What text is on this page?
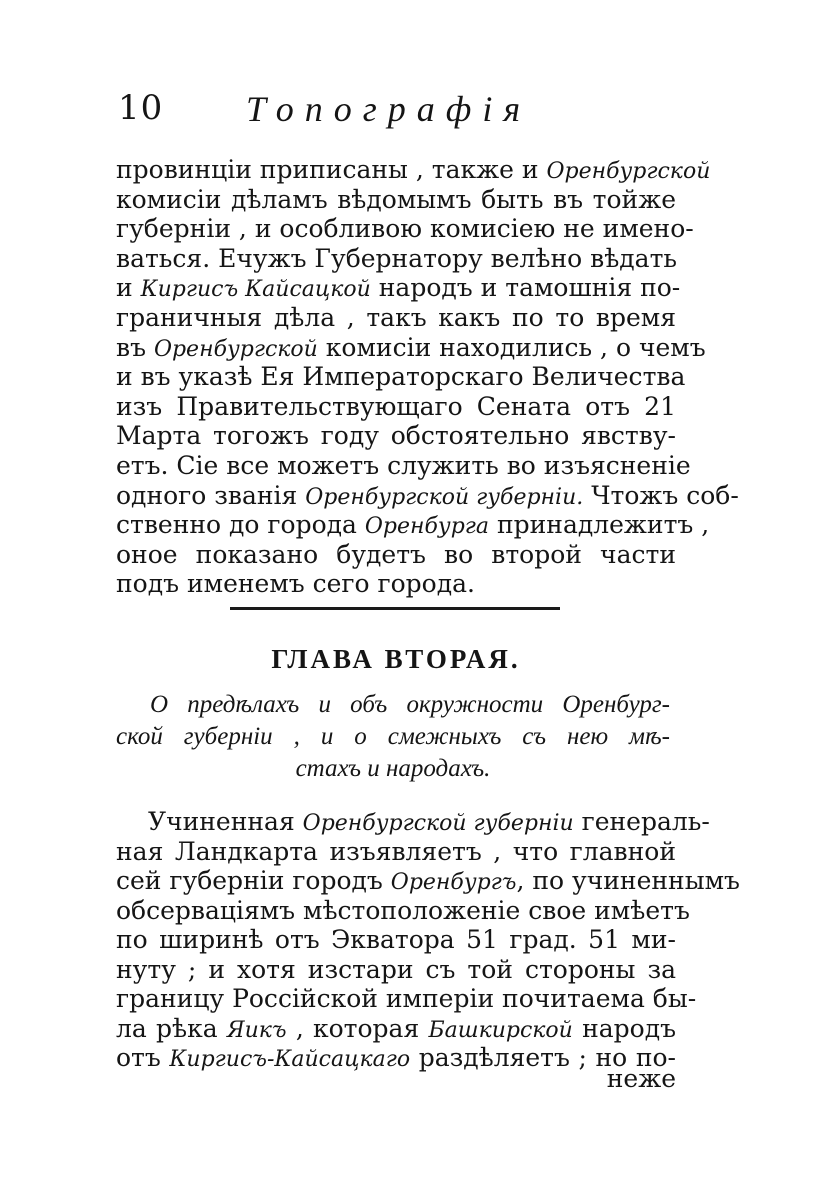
10 Топографія
провинціи приписаны , также и Оренбургской
комисіи дѣламъ вѣдомымъ быть въ тойже
губерніи , и особливою комисіею не имено-
ваться. Ечужъ Губернатору велѣно вѣдать
и Киргисъ Кайсацкой народъ и тамошнія по-
граничныя дѣла , такъ какъ по то время
въ Оренбургской комисіи находились , о чемъ
и въ указѣ Ея Императорскаго Величества
изъ Правительствующаго Сената отъ 21
Марта тогожъ году обстоятельно явству-
етъ. Сіе все можетъ служить во изъясненіе
одного званія Оренбургской губерніи. Чтожъ соб-
ственно до города Оренбурга принадлежитъ ,
оное показано будетъ во второй части
подъ именемъ сего города.
ГЛАВА ВТОРАЯ.
О предѣлахъ и объ окружности Оренбург-
ской губерніи , и о смежныхъ съ нею мѣ-
стахъ и народахъ.
Учиненная Оренбургской губерніи генераль-
ная Ландкарта изъявляетъ , что главной
сей губерніи городъ Оренбургъ, по учиненнымъ
обсервацiямъ мѣстоположеніе свое имѣетъ
по ширинѣ отъ Экватора 51 град. 51 ми-
нуту ; и хотя изстари съ той стороны за
границу Россійской имперіи почитаема бы-
ла рѣка Яикъ , которая Башкирской народъ
отъ Киргисъ-Кайсацкаго раздѣляетъ ; но по-
неже
